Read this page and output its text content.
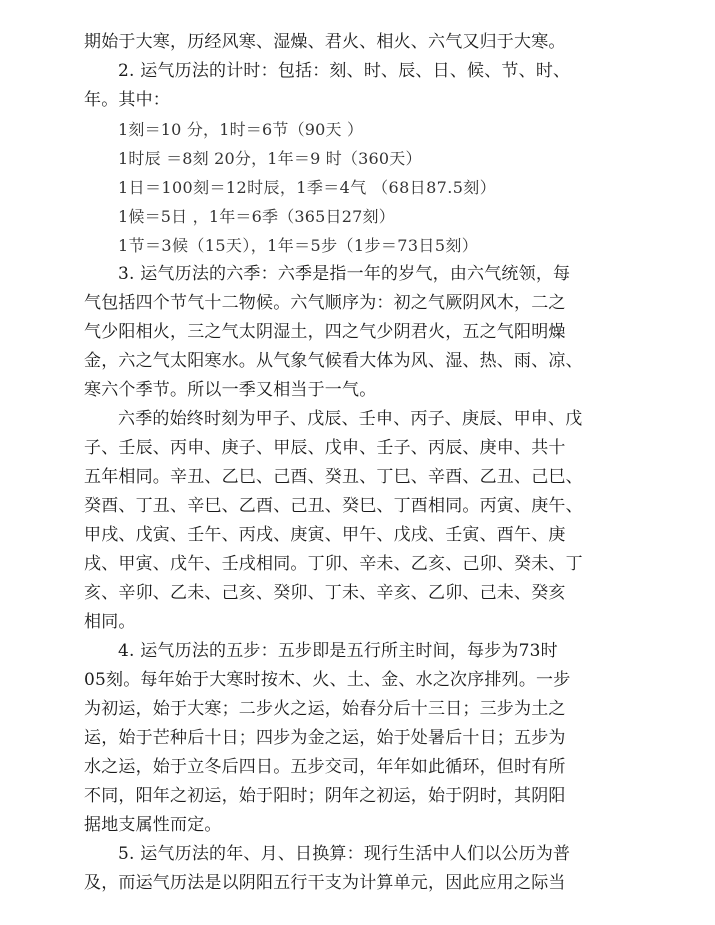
期始于大寒，历经风寒、湿燥、君火、相火、六气又归于大寒。
2. 运气历法的计时：包括：刻、时、辰、日、候、节、时、
年。其中：
1刻＝10 分，1时＝6节（90天 ）
1时辰 ＝8刻 20分，1年＝9 时（360天）
1日＝100刻＝12时辰，1季＝4气 （68日87.5刻）
1候＝5日 ，1年＝6季（365日27刻）
1节＝3候（15天），1年＝5步（1步＝73日5刻）
3. 运气历法的六季：六季是指一年的岁气，由六气统领，每
气包括四个节气十二物候。六气顺序为：初之气厥阴风木，二之
气少阳相火，三之气太阴湿土，四之气少阴君火，五之气阳明燥
金，六之气太阳寒水。从气象气候看大体为风、湿、热、雨、凉、
寒六个季节。所以一季又相当于一气。
六季的始终时刻为甲子、戊辰、壬申、丙子、庚辰、甲申、戊
子、壬辰、丙申、庚子、甲辰、戊申、壬子、丙辰、庚申、共十
五年相同。辛丑、乙巳、己酉、癸丑、丁巳、辛酉、乙丑、己巳、
癸酉、丁丑、辛巳、乙酉、己丑、癸巳、丁酉相同。丙寅、庚午、
甲戌、戊寅、壬午、丙戌、庚寅、甲午、戊戌、壬寅、酉午、庚
戌、甲寅、戊午、壬戌相同。丁卯、辛未、乙亥、己卯、癸未、丁
亥、辛卯、乙未、己亥、癸卯、丁未、辛亥、乙卯、己未、癸亥
相同。
4. 运气历法的五步：五步即是五行所主时间，每步为73时
05刻。每年始于大寒时按木、火、土、金、水之次序排列。一步
为初运，始于大寒；二步火之运，始春分后十三日；三步为土之
运，始于芒种后十日；四步为金之运，始于处暑后十日；五步为
水之运，始于立冬后四日。五步交司，年年如此循环，但时有所
不同，阳年之初运，始于阳时；阴年之初运，始于阴时，其阴阳
据地支属性而定。
5. 运气历法的年、月、日换算：现行生活中人们以公历为普
及，而运气历法是以阴阳五行干支为计算单元，因此应用之际当
